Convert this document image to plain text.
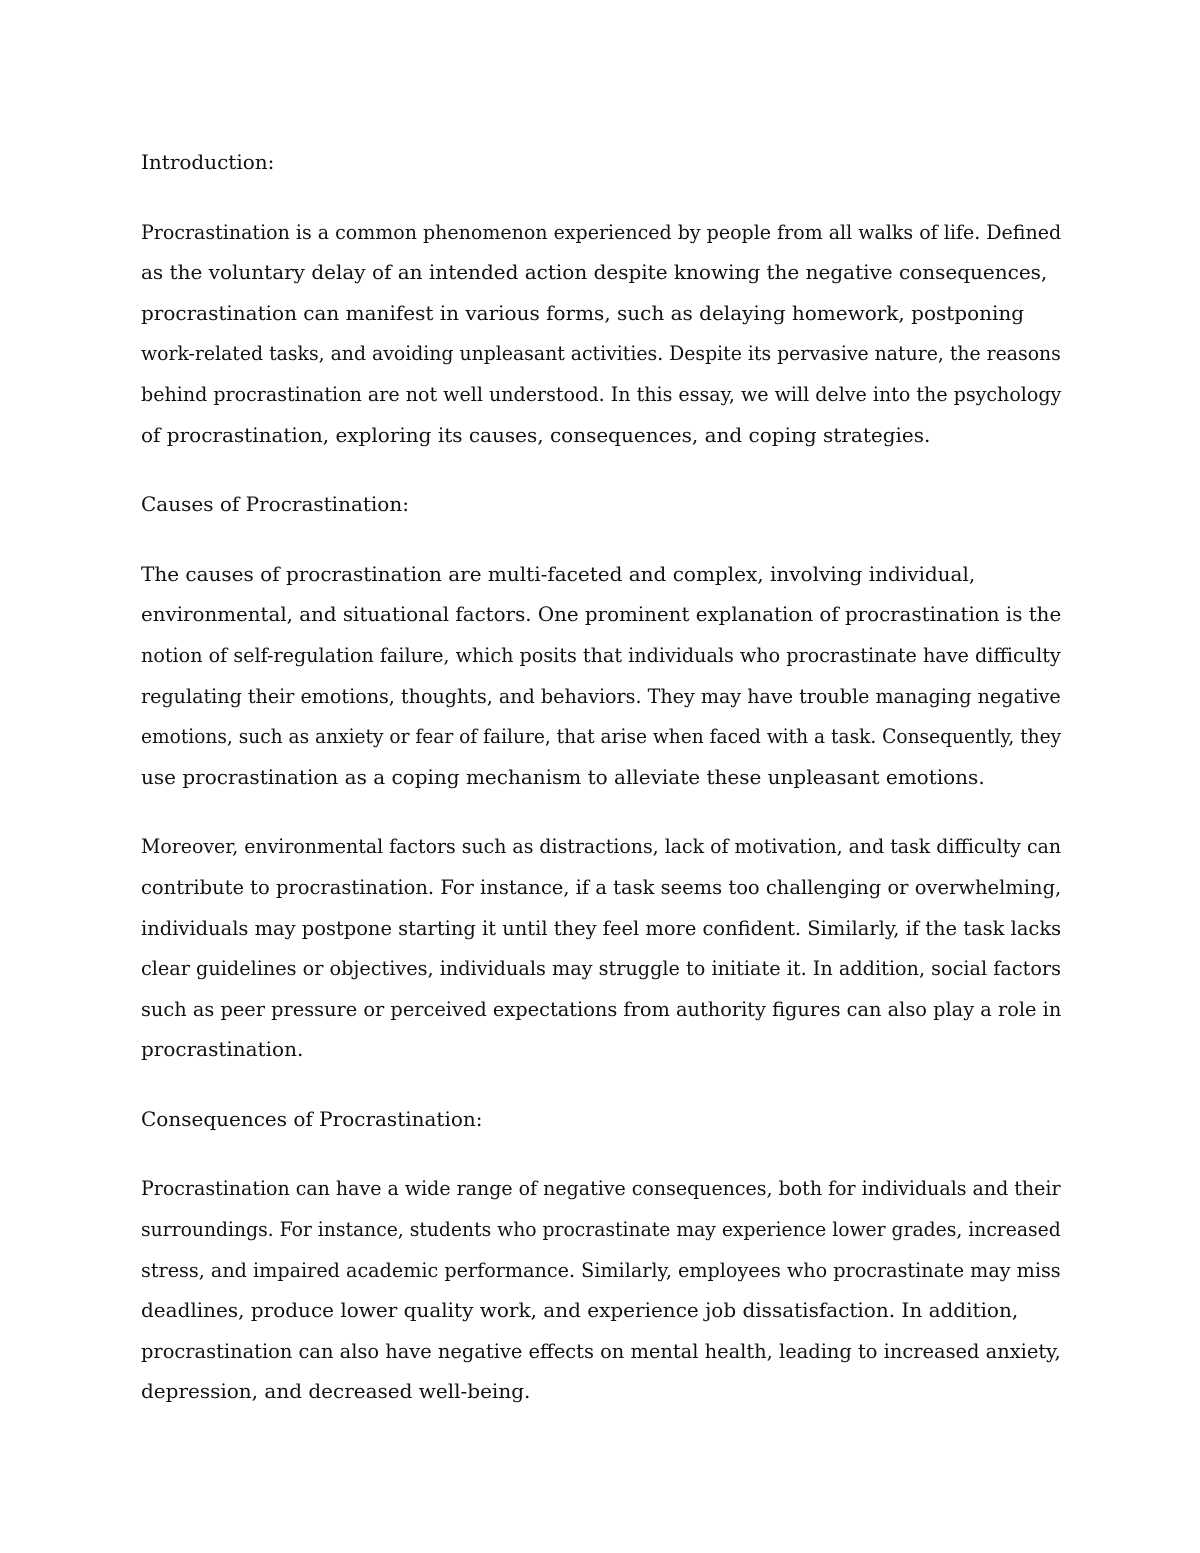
Introduction:
Procrastination is a common phenomenon experienced by people from all walks of life. Defined
as the voluntary delay of an intended action despite knowing the negative consequences,
procrastination can manifest in various forms, such as delaying homework, postponing
work-related tasks, and avoiding unpleasant activities. Despite its pervasive nature, the reasons
behind procrastination are not well understood. In this essay, we will delve into the psychology
of procrastination, exploring its causes, consequences, and coping strategies.
Causes of Procrastination:
The causes of procrastination are multi-faceted and complex, involving individual,
environmental, and situational factors. One prominent explanation of procrastination is the
notion of self-regulation failure, which posits that individuals who procrastinate have difficulty
regulating their emotions, thoughts, and behaviors. They may have trouble managing negative
emotions, such as anxiety or fear of failure, that arise when faced with a task. Consequently, they
use procrastination as a coping mechanism to alleviate these unpleasant emotions.
Moreover, environmental factors such as distractions, lack of motivation, and task difficulty can
contribute to procrastination. For instance, if a task seems too challenging or overwhelming,
individuals may postpone starting it until they feel more confident. Similarly, if the task lacks
clear guidelines or objectives, individuals may struggle to initiate it. In addition, social factors
such as peer pressure or perceived expectations from authority figures can also play a role in
procrastination.
Consequences of Procrastination:
Procrastination can have a wide range of negative consequences, both for individuals and their
surroundings. For instance, students who procrastinate may experience lower grades, increased
stress, and impaired academic performance. Similarly, employees who procrastinate may miss
deadlines, produce lower quality work, and experience job dissatisfaction. In addition,
procrastination can also have negative effects on mental health, leading to increased anxiety,
depression, and decreased well-being.
